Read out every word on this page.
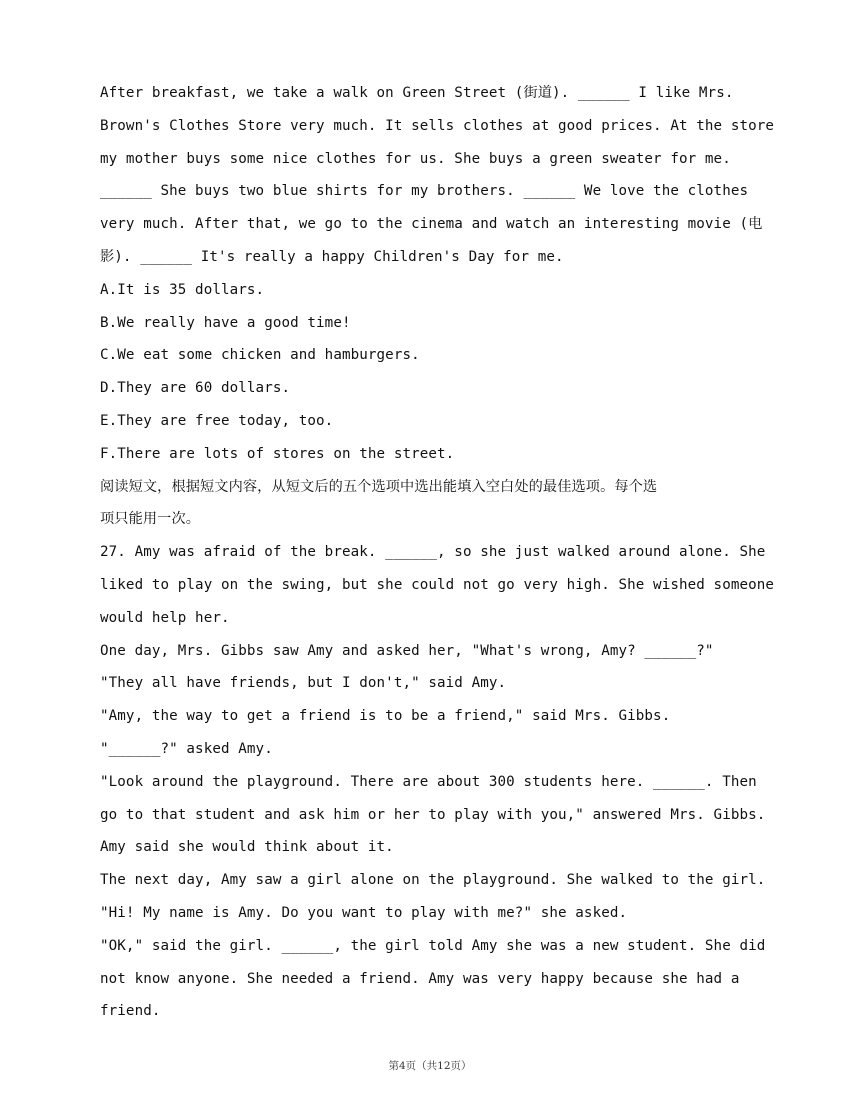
After breakfast, we take a walk on Green Street (街道). ______ I like Mrs.
Brown's Clothes Store very much. It sells clothes at good prices. At the store
my mother buys some nice clothes for us. She buys a green sweater for me.
______ She buys two blue shirts for my brothers. ______ We love the clothes
very much. After that, we go to the cinema and watch an interesting movie (电
影). ______ It's really a happy Children's Day for me.
A.It is 35 dollars.
B.We really have a good time!
C.We eat some chicken and hamburgers.
D.They are 60 dollars.
E.They are free today, too.
F.There are lots of stores on the street.
阅读短文，根据短文内容，从短文后的五个选项中选出能填入空白处的最佳选项。每个选
项只能用一次。
27. Amy was afraid of the break. ______, so she just walked around alone. She
liked to play on the swing, but she could not go very high. She wished someone
would help her.
One day, Mrs. Gibbs saw Amy and asked her, "What's wrong, Amy? ______?"
"They all have friends, but I don't," said Amy.
"Amy, the way to get a friend is to be a friend," said Mrs. Gibbs.
"______?" asked Amy.
"Look around the playground. There are about 300 students here. ______. Then
go to that student and ask him or her to play with you," answered Mrs. Gibbs.
Amy said she would think about it.
The next day, Amy saw a girl alone on the playground. She walked to the girl.
"Hi! My name is Amy. Do you want to play with me?" she asked.
"OK," said the girl. ______, the girl told Amy she was a new student. She did
not know anyone. She needed a friend. Amy was very happy because she had a
friend.
第4页（共12页）
